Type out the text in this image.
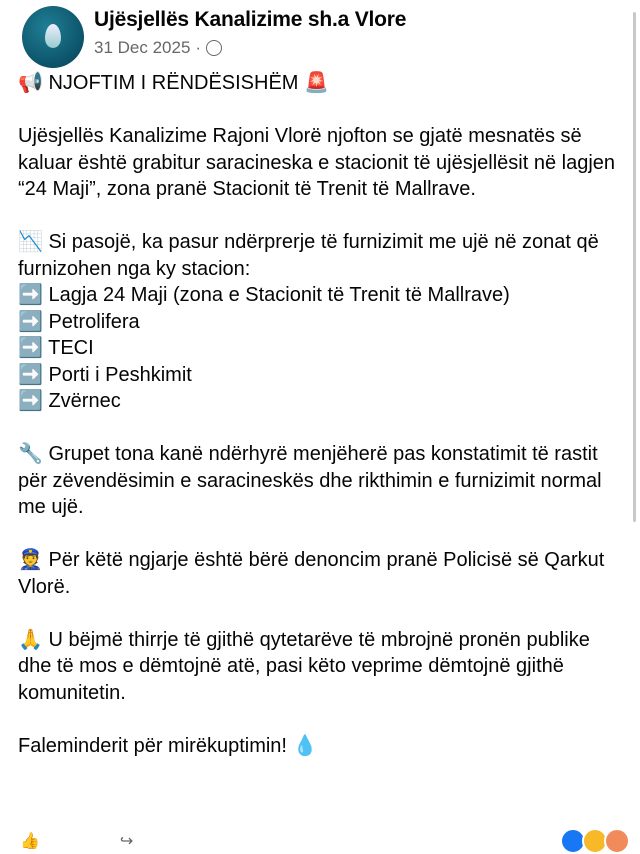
Ujësjellës Kanalizime sh.a Vlore
31 Dec 2025 ·

📢 NJOFTIM I RËNDËSISHËM 🚨

Ujësjellës Kanalizime Rajoni Vlorë njofton se gjatë mesnatës së kaluar është grabitur saracineska e stacionit të ujësjellësit në lagjen “24 Maji”, zona pranë Stacionit të Trenit të Mallrave.

📉 Si pasojë, ka pasur ndërprerje të furnizimit me ujë në zonat që furnizohen nga ky stacion:

➡️ Lagja 24 Maji (zona e Stacionit të Trenit të Mallrave)

➡️ Petrolifera

➡️ TECI

➡️ Porti i Peshkimit

➡️ Zvërnec

🔧 Grupet tona kanë ndërhyrë menjëherë pas konstatimit të rastit për zëvendësimin e saracineskës dhe rikthimin e furnizimit normal me ujë.

👮 Për këtë ngjarje është bërë denoncim pranë Policisë së Qarkut Vlorë.

🙏 U bëjmë thirrje të gjithë qytetarëve të mbrojnë pronën publike dhe të mos e dëmtojnë atë, pasi këto veprime dëmtojnë gjithë komunitetin.

Faleminderit për mirëkuptimin! 💧

👍	↪
